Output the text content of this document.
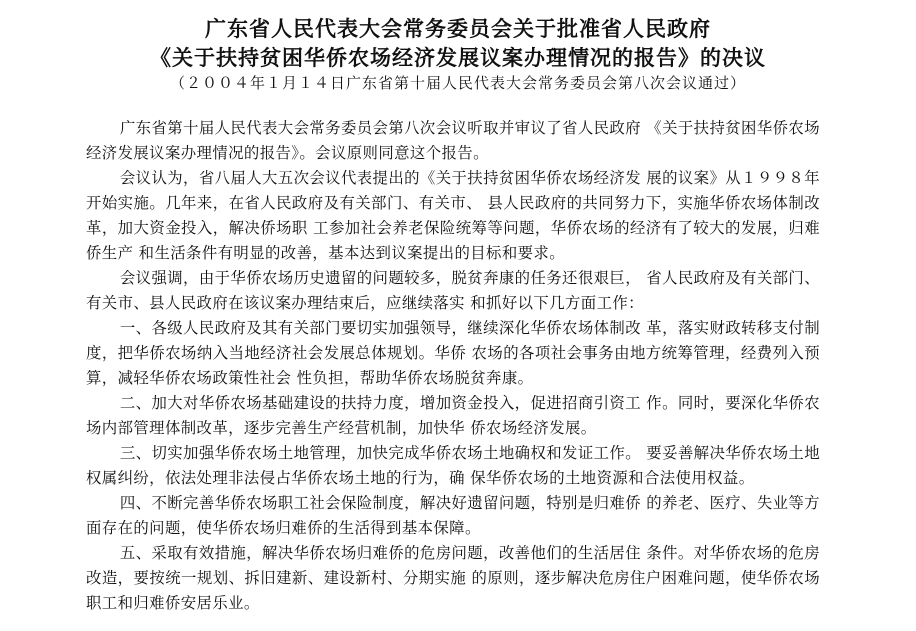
广东省人民代表大会常务委员会关于批准省人民政府
《关于扶持贫困华侨农场经济发展议案办理情况的报告》的决议

（２００４年１月１４日广东省第十届人民代表大会常务委员会第八次会议通过）

广东省第十届人民代表大会常务委员会第八次会议听取并审议了省人民政府 《关于扶持贫困华侨农场经济发展议案办理情况的报告》。会议原则同意这个报告。

会议认为，省八届人大五次会议代表提出的《关于扶持贫困华侨农场经济发 展的议案》从１９９８年开始实施。几年来，在省人民政府及有关部门、有关市、 县人民政府的共同努力下，实施华侨农场体制改革，加大资金投入，解决侨场职 工参加社会养老保险统筹等问题，华侨农场的经济有了较大的发展，归难侨生产 和生活条件有明显的改善，基本达到议案提出的目标和要求。

会议强调，由于华侨农场历史遗留的问题较多，脱贫奔康的任务还很艰巨， 省人民政府及有关部门、有关市、县人民政府在该议案办理结束后，应继续落实 和抓好以下几方面工作：

一、各级人民政府及其有关部门要切实加强领导，继续深化华侨农场体制改 革，落实财政转移支付制度，把华侨农场纳入当地经济社会发展总体规划。华侨 农场的各项社会事务由地方统筹管理，经费列入预算，减轻华侨农场政策性社会 性负担，帮助华侨农场脱贫奔康。

二、加大对华侨农场基础建设的扶持力度，增加资金投入，促进招商引资工 作。同时，要深化华侨农场内部管理体制改革，逐步完善生产经营机制，加快华 侨农场经济发展。

三、切实加强华侨农场土地管理，加快完成华侨农场土地确权和发证工作。 要妥善解决华侨农场土地权属纠纷，依法处理非法侵占华侨农场土地的行为，确 保华侨农场的土地资源和合法使用权益。

四、不断完善华侨农场职工社会保险制度，解决好遗留问题，特别是归难侨 的养老、医疗、失业等方面存在的问题，使华侨农场归难侨的生活得到基本保障。

五、采取有效措施，解决华侨农场归难侨的危房问题，改善他们的生活居住 条件。对华侨农场的危房改造，要按统一规划、拆旧建新、建设新村、分期实施 的原则，逐步解决危房住户困难问题，使华侨农场职工和归难侨安居乐业。
